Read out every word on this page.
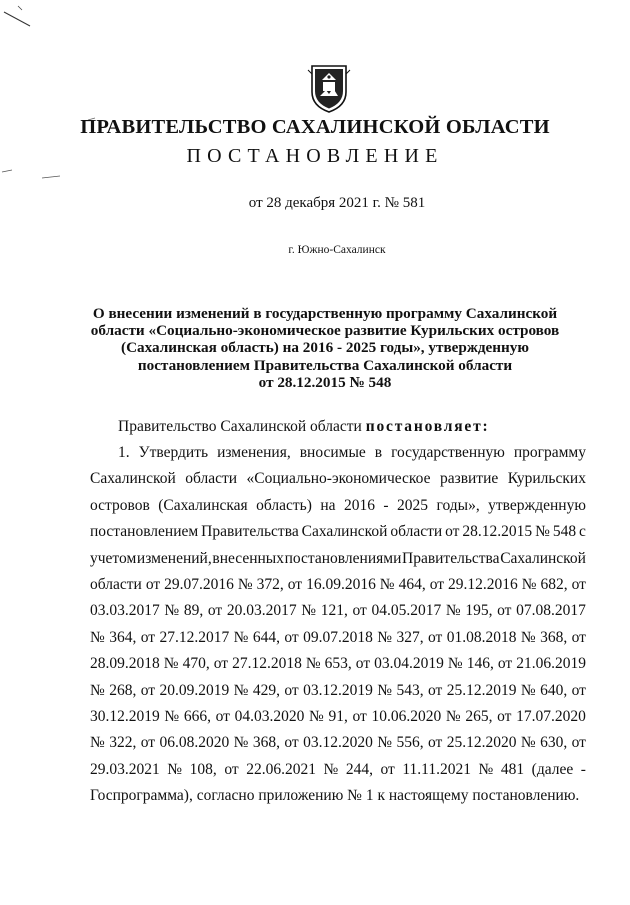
ПРАВИТЕЛЬСТВО САХАЛИНСКОЙ ОБЛАСТИ
ПОСТАНОВЛЕНИЕ
от 28 декабря 2021 г. № 581
г. Южно-Сахалинск
О внесении изменений в государственную программу Сахалинской
области «Социально-экономическое развитие Курильских островов
(Сахалинская область) на 2016 - 2025 годы», утвержденную
постановлением Правительства Сахалинской области
от 28.12.2015 № 548
Правительство Сахалинской области постановляет:
1. Утвердить изменения, вносимые в государственную программу
Сахалинской области «Социально-экономическое развитие Курильских
островов (Сахалинская область) на 2016 - 2025 годы», утвержденную
постановлением Правительства Сахалинской области от 28.12.2015 № 548 с
учетом изменений, внесенных постановлениями Правительства Сахалинской
области от 29.07.2016 № 372, от 16.09.2016 № 464, от 29.12.2016 № 682, от
03.03.2017 № 89, от 20.03.2017 № 121, от 04.05.2017 № 195, от 07.08.2017
№ 364, от 27.12.2017 № 644, от 09.07.2018 № 327, от 01.08.2018 № 368, от
28.09.2018 № 470, от 27.12.2018 № 653, от 03.04.2019 № 146, от 21.06.2019
№ 268, от 20.09.2019 № 429, от 03.12.2019 № 543, от 25.12.2019 № 640, от
30.12.2019 № 666, от 04.03.2020 № 91, от 10.06.2020 № 265, от 17.07.2020
№ 322, от 06.08.2020 № 368, от 03.12.2020 № 556, от 25.12.2020 № 630, от
29.03.2021 № 108, от 22.06.2021 № 244, от 11.11.2021 № 481 (далее -
Госпрограмма), согласно приложению № 1 к настоящему постановлению.
